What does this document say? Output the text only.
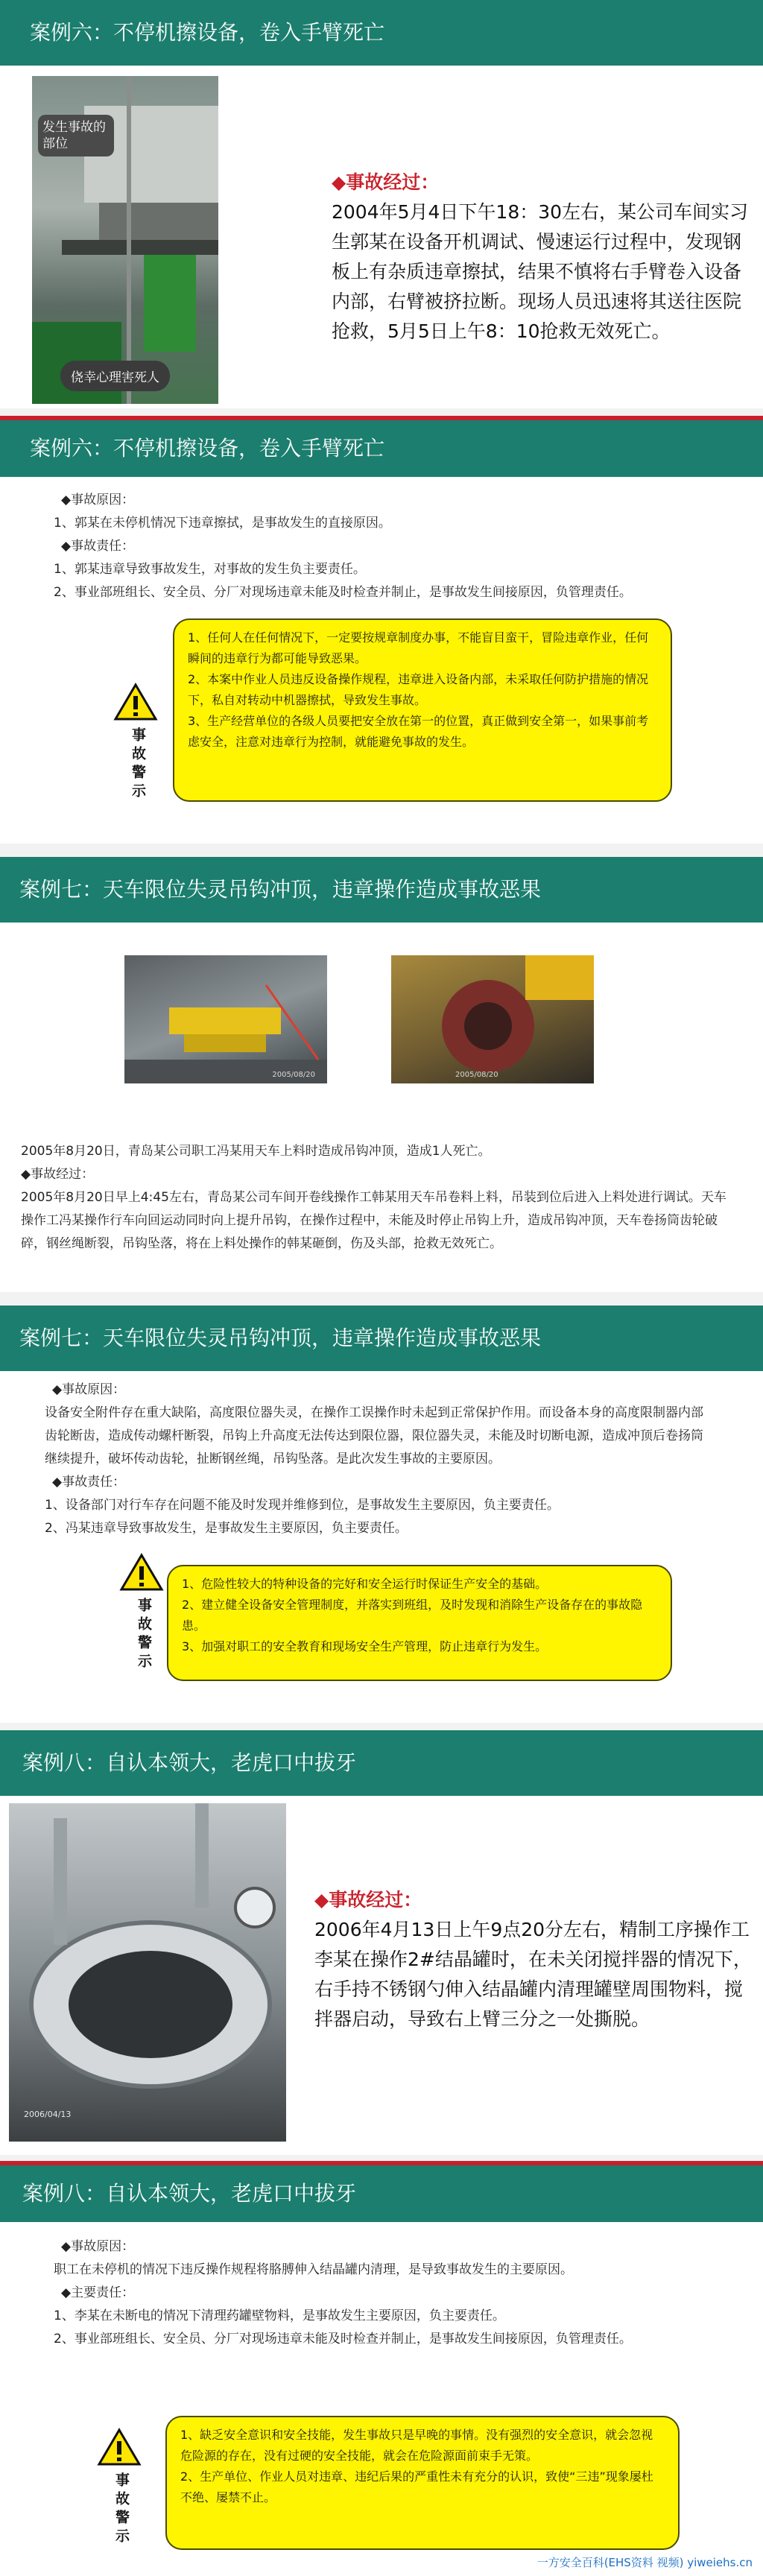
案例六：不停机擦设备，卷入手臂死亡
发生事故的部位
侥幸心理害死人

◆事故经过：

2004年5月4日下午18：30左右，某公司车间实习生郭某在设备开机调试、慢速运行过程中，发现钢板上有杂质违章擦拭，结果不慎将右手臂卷入设备内部，右臂被挤拉断。现场人员迅速将其送往医院抢救，5月5日上午8：10抢救无效死亡。

案例六：不停机擦设备，卷入手臂死亡

◆事故原因：

1、郭某在未停机情况下违章擦拭，是事故发生的直接原因。

◆事故责任：

1、郭某违章导致事故发生，对事故的发生负主要责任。

2、事业部班组长、安全员、分厂对现场违章未能及时检查并制止，是事故发生间接原因，负管理责任。

事故警示
1、任何人在任何情况下，一定要按规章制度办事，不能盲目蛮干，冒险违章作业，任何瞬间的违章行为都可能导致恶果。
2、本案中作业人员违反设备操作规程，违章进入设备内部，未采取任何防护措施的情况下，私自对转动中机器擦拭，导致发生事故。
3、生产经营单位的各级人员要把安全放在第一的位置，真正做到安全第一，如果事前考虑安全，注意对违章行为控制，就能避免事故的发生。
案例七：天车限位失灵吊钩冲顶，违章操作造成事故恶果
2005/08/20	2005/08/20

2005年8月20日，青岛某公司职工冯某用天车上料时造成吊钩冲顶，造成1人死亡。

◆事故经过：

2005年8月20日早上4:45左右，青岛某公司车间开卷线操作工韩某用天车吊卷料上料，吊装到位后进入上料处进行调试。天车操作工冯某操作行车向回运动同时向上提升吊钩，在操作过程中，未能及时停止吊钩上升，造成吊钩冲顶，天车卷扬筒齿轮破碎，钢丝绳断裂，吊钩坠落，将在上料处操作的韩某砸倒，伤及头部，抢救无效死亡。

案例七：天车限位失灵吊钩冲顶，违章操作造成事故恶果

◆事故原因：

设备安全附件存在重大缺陷，高度限位器失灵，在操作工误操作时未起到正常保护作用。而设备本身的高度限制器内部齿轮断齿，造成传动螺杆断裂，吊钩上升高度无法传达到限位器，限位器失灵，未能及时切断电源，造成冲顶后卷扬筒继续提升，破坏传动齿轮，扯断钢丝绳，吊钩坠落。是此次发生事故的主要原因。

◆事故责任：

1、设备部门对行车存在问题不能及时发现并维修到位，是事故发生主要原因，负主要责任。

2、冯某违章导致事故发生，是事故发生主要原因，负主要责任。

事故警示
1、危险性较大的特种设备的完好和安全运行时保证生产安全的基础。
2、建立健全设备安全管理制度，并落实到班组，及时发现和消除生产设备存在的事故隐患。
3、加强对职工的安全教育和现场安全生产管理，防止违章行为发生。
案例八：自认本领大，老虎口中拔牙
2006/04/13

◆事故经过：

2006年4月13日上午9点20分左右，精制工序操作工李某在操作2#结晶罐时，在未关闭搅拌器的情况下，右手持不锈钢勺伸入结晶罐内清理罐壁周围物料，搅拌器启动，导致右上臂三分之一处撕脱。

案例八：自认本领大，老虎口中拔牙

◆事故原因：

职工在未停机的情况下违反操作规程将胳膊伸入结晶罐内清理，是导致事故发生的主要原因。

◆主要责任：

1、李某在未断电的情况下清理药罐壁物料，是事故发生主要原因，负主要责任。

2、事业部班组长、安全员、分厂对现场违章未能及时检查并制止，是事故发生间接原因，负管理责任。

事故警示
1、缺乏安全意识和安全技能，发生事故只是早晚的事情。没有强烈的安全意识，就会忽视危险源的存在，没有过硬的安全技能，就会在危险源面前束手无策。
2、生产单位、作业人员对违章、违纪后果的严重性未有充分的认识，致使“三违”现象屡杜不绝、屡禁不止。
一方安全百科(EHS资料 视频) yiweiehs.cn
